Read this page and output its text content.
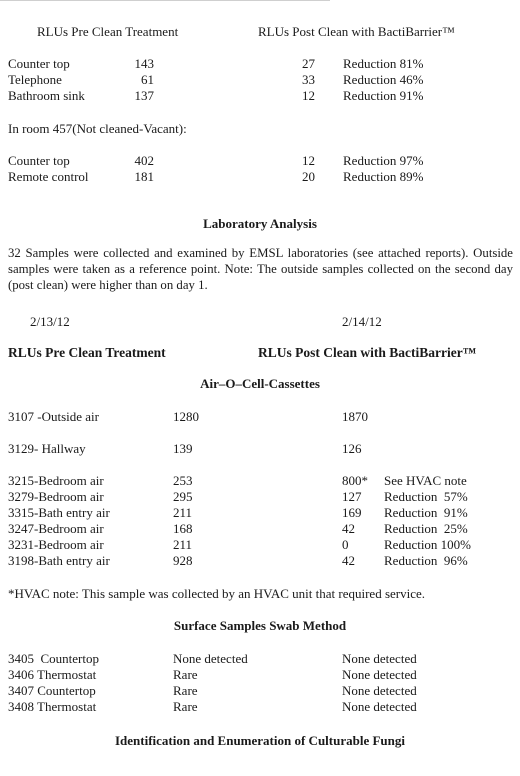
RLUs Pre Clean Treatment	RLUs Post Clean with BactiBarrier™
Counter top	143	27 Reduction 81%
Telephone	61	33 Reduction 46%
Bathroom sink	137	12 Reduction 91%
In room 457(Not cleaned-Vacant):
Counter top	402	12 Reduction 97%
Remote control	181	20 Reduction 89%
Laboratory Analysis
32 Samples were collected and examined by EMSL laboratories (see attached reports). Outside samples were taken as a reference point. Note: The outside samples collected on the second day (post clean) were higher than on day 1.
2/13/12	2/14/12
RLUs Pre Clean Treatment	RLUs Post Clean with BactiBarrier™
Air–O–Cell-Cassettes
3107 -Outside air	1280	1870
3129- Hallway	139	126
3215-Bedroom air	253	800* See HVAC note
3279-Bedroom air	295	127 Reduction  57%
3315-Bath entry air	211	169 Reduction  91%
3247-Bedroom air	168	42 Reduction  25%
3231-Bedroom air	211	0	Reduction 100%
3198-Bath entry air	928	42 Reduction  96%
*HVAC note: This sample was collected by an HVAC unit that required service.
Surface Samples Swab Method
3405  Countertop	None detected	None detected
3406 Thermostat	Rare	None detected
3407 Countertop	Rare	None detected
3408 Thermostat	Rare	None detected
Identification and Enumeration of Culturable Fungi
